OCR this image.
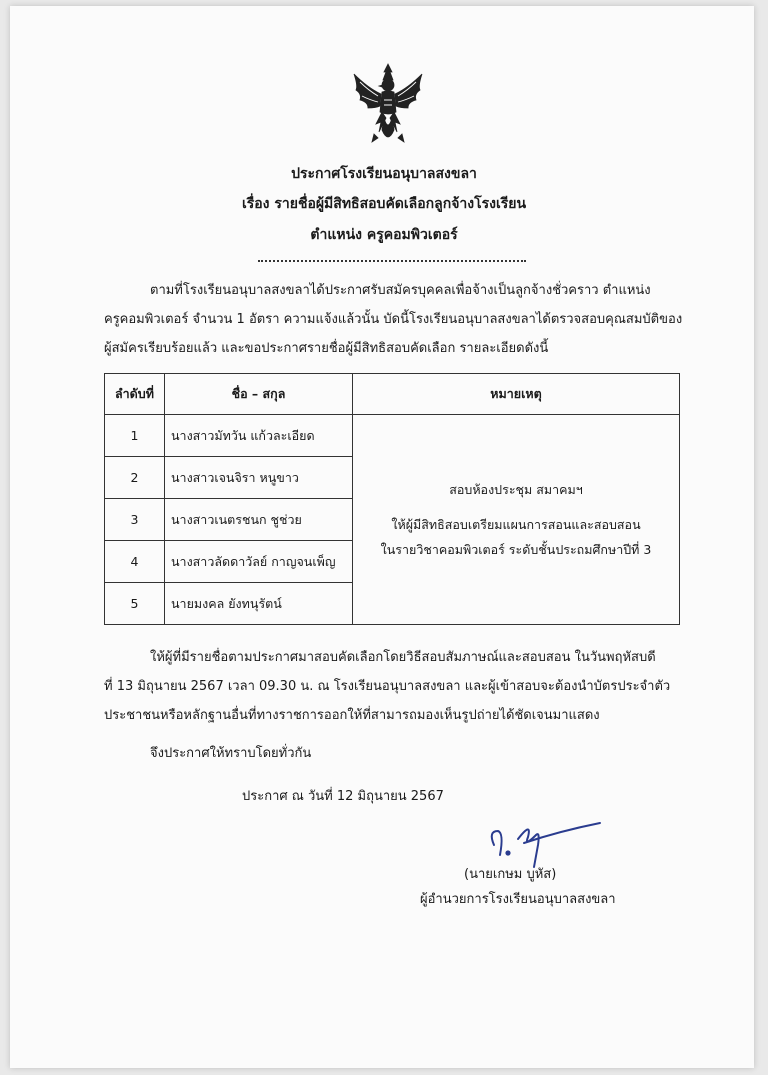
ประกาศโรงเรียนอนุบาลสงขลา
เรื่อง รายชื่อผู้มีสิทธิสอบคัดเลือกลูกจ้างโรงเรียน
ตำแหน่ง ครูคอมพิวเตอร์
ตามที่โรงเรียนอนุบาลสงขลาได้ประกาศรับสมัครบุคคลเพื่อจ้างเป็นลูกจ้างชั่วคราว ตำแหน่ง
ครูคอมพิวเตอร์ จำนวน 1 อัตรา ความแจ้งแล้วนั้น บัดนี้โรงเรียนอนุบาลสงขลาได้ตรวจสอบคุณสมบัติของ
ผู้สมัครเรียบร้อยแล้ว และขอประกาศรายชื่อผู้มีสิทธิสอบคัดเลือก รายละเอียดดังนี้
ลำดับที่	ชื่อ – สกุล	หมายเหตุ
1	นางสาวมัทวัน แก้วละเอียด	สอบห้องประชุม สมาคมฯ

ให้ผู้มีสิทธิสอบเตรียมแผนการสอนและสอบสอน

ในรายวิชาคอมพิวเตอร์ ระดับชั้นประถมศึกษาปีที่ 3

2	นางสาวเจนจิรา หนูขาว	
3	นางสาวเนตรชนก ชูช่วย	
4	นางสาวลัดดาวัลย์ กาญจนเพ็ญ	
5	นายมงคล ยังทนุรัตน์	
ให้ผู้ที่มีรายชื่อตามประกาศมาสอบคัดเลือกโดยวิธีสอบสัมภาษณ์และสอบสอน ในวันพฤหัสบดี
ที่ 13 มิถุนายน 2567 เวลา 09.30 น. ณ โรงเรียนอนุบาลสงขลา และผู้เข้าสอบจะต้องนำบัตรประจำตัว
ประชาชนหรือหลักฐานอื่นที่ทางราชการออกให้ที่สามารถมองเห็นรูปถ่ายได้ชัดเจนมาแสดง
จึงประกาศให้ทราบโดยทั่วกัน
ประกาศ ณ วันที่ 12 มิถุนายน 2567
(นายเกษม บูหัส)
ผู้อำนวยการโรงเรียนอนุบาลสงขลา
